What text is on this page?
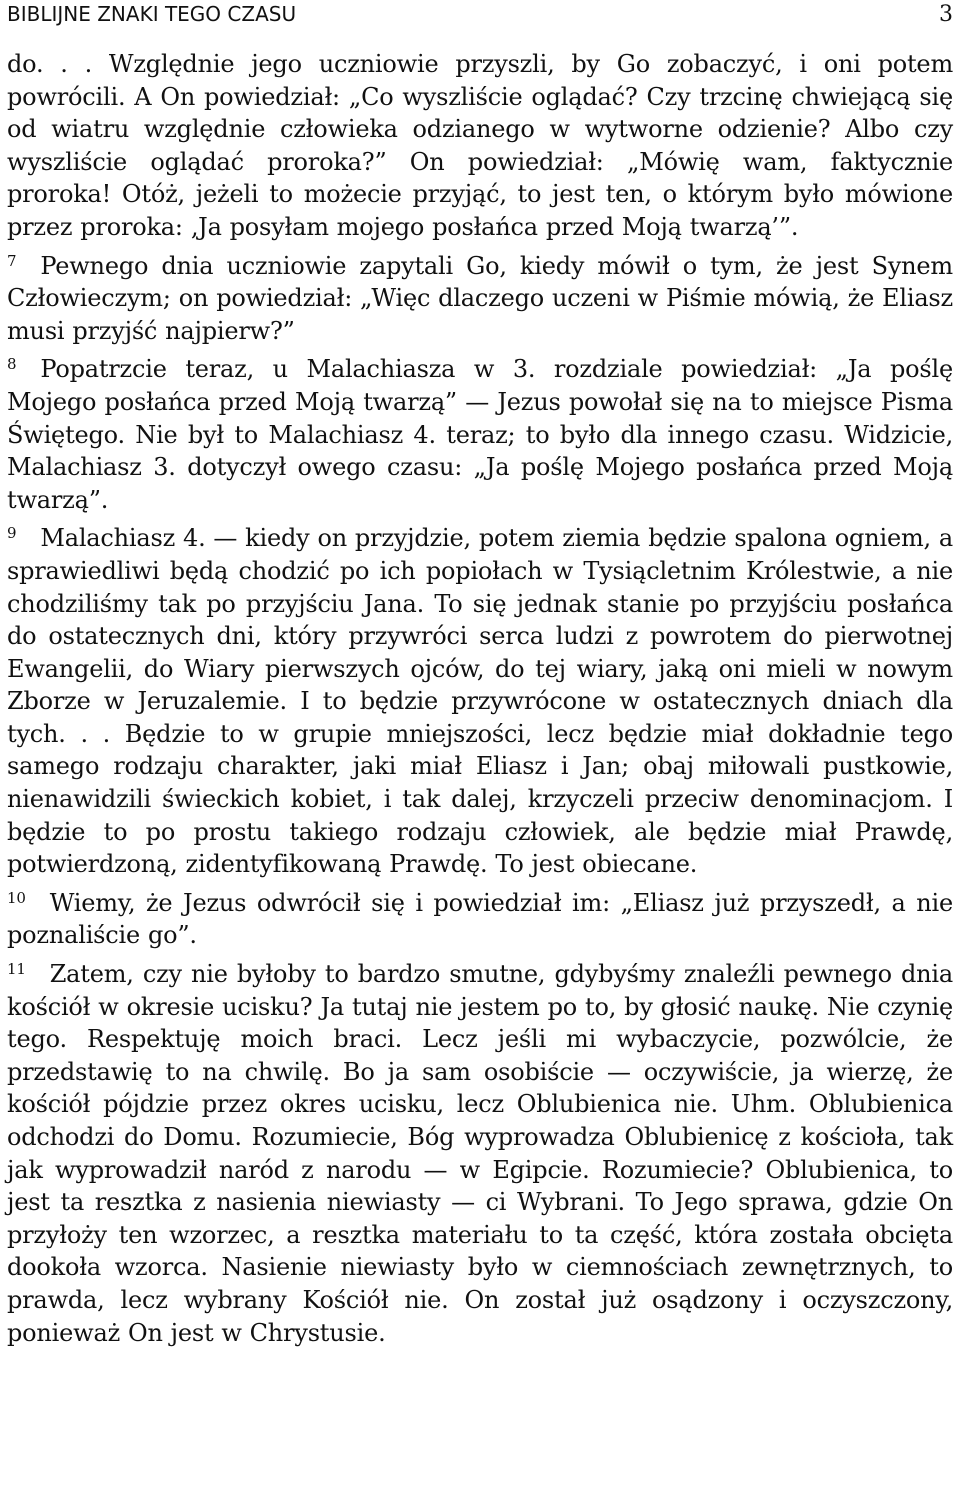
BIBLIJNE ZNAKI TEGO CZASU	3

do. . . Względnie jego uczniowie przyszli, by Go zobaczyć, i oni potem powrócili. A On powiedział: „Co wyszliście oglądać? Czy trzcinę chwiejącą się od wiatru względnie człowieka odzianego w wytworne odzienie? Albo czy wyszliście oglądać proroka?” On powiedział: „Mówię wam, faktycznie proroka! Otóż, jeżeli to możecie przyjąć, to jest ten, o którym było mówione przez proroka: ‚Ja posyłam mojego posłańca przed Moją twarzą’”.

$^7$ Pewnego dnia uczniowie zapytali Go, kiedy mówił o tym, że jest Synem Człowieczym; on powiedział: „Więc dlaczego uczeni w Piśmie mówią, że Eliasz musi przyjść najpierw?”

$^8$ Popatrzcie teraz, u Malachiasza w 3. rozdziale powiedział: „Ja poślę Mojego posłańca przed Moją twarzą” — Jezus powołał się na to miejsce Pisma Świętego. Nie był to Malachiasz 4. teraz; to było dla innego czasu. Widzicie, Malachiasz 3. dotyczył owego czasu: „Ja poślę Mojego posłańca przed Moją twarzą”.

$^9$ Malachiasz 4. — kiedy on przyjdzie, potem ziemia będzie spalona ogniem, a sprawiedliwi będą chodzić po ich popiołach w Tysiącletnim Królestwie, a nie chodziliśmy tak po przyjściu Jana. To się jednak stanie po przyjściu posłańca do ostatecznych dni, który przywróci serca ludzi z powrotem do pierwotnej Ewangelii, do Wiary pierwszych ojców, do tej wiary, jaką oni mieli w nowym Zborze w Jeruzalemie. I to będzie przywrócone w ostatecznych dniach dla tych. . . Będzie to w grupie mniejszości, lecz będzie miał dokładnie tego samego rodzaju charakter, jaki miał Eliasz i Jan; obaj miłowali pustkowie, nienawidzili świeckich kobiet, i tak dalej, krzyczeli przeciw denominacjom. I będzie to po prostu takiego rodzaju człowiek, ale będzie miał Prawdę, potwierdzoną, zidentyfikowaną Prawdę. To jest obiecane.

$^{10}$ Wiemy, że Jezus odwrócił się i powiedział im: „Eliasz już przyszedł, a nie poznaliście go”.

$^{11}$ Zatem, czy nie byłoby to bardzo smutne, gdybyśmy znaleźli pewnego dnia kościół w okresie ucisku? Ja tutaj nie jestem po to, by głosić naukę. Nie czynię tego. Respektuję moich braci. Lecz jeśli mi wybaczycie, pozwólcie, że przedstawię to na chwilę. Bo ja sam osobiście — oczywiście, ja wierzę, że kościół pójdzie przez okres ucisku, lecz Oblubienica nie. Uhm. Oblubienica odchodzi do Domu. Rozumiecie, Bóg wyprowadza Oblubienicę z kościoła, tak jak wyprowadził naród z narodu — w Egipcie. Rozumiecie? Oblubienica, to jest ta resztka z nasienia niewiasty — ci Wybrani. To Jego sprawa, gdzie On przyłoży ten wzorzec, a resztka materiału to ta część, która została obcięta dookoła wzorca. Nasienie niewiasty było w ciemnościach zewnętrznych, to prawda, lecz wybrany Kościół nie. On został już osądzony i oczyszczony, ponieważ On jest w Chrystusie.
